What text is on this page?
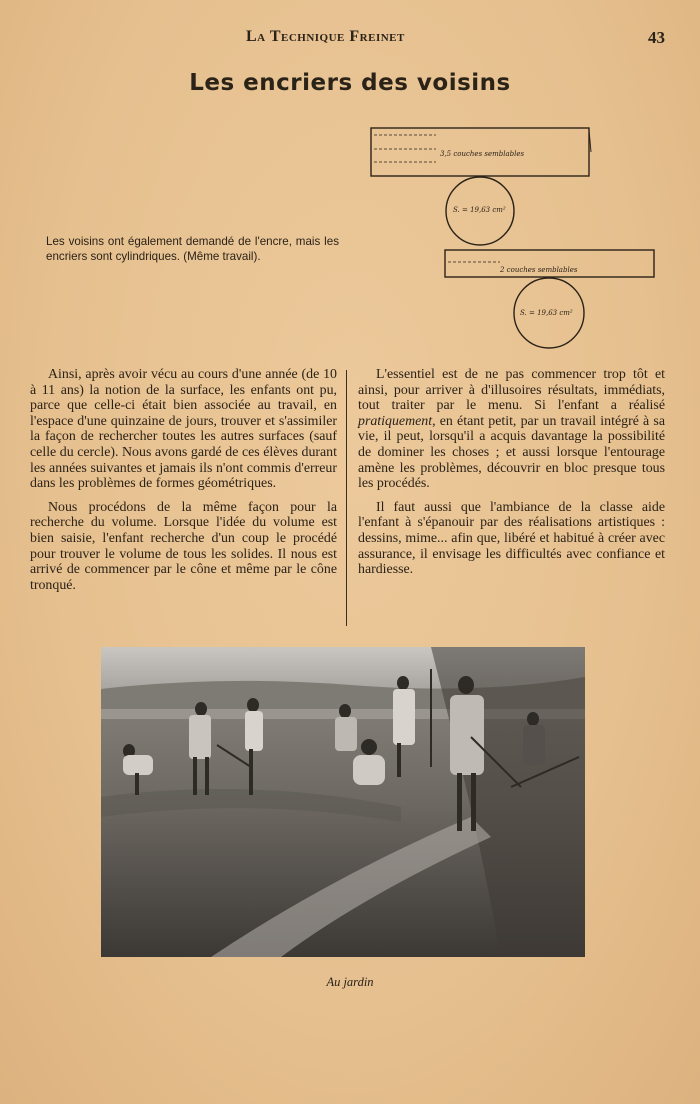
La Technique Freinet	43
Les encriers des voisins
3,5 couches semblables
S. = 19,63 cm²
2 couches semblables
S. = 19,63 cm²
Les voisins ont également demandé de l'encre, mais les encriers sont cylindriques. (Même travail).

Ainsi, après avoir vécu au cours d'une année (de 10 à 11 ans) la notion de la surface, les enfants ont pu, parce que celle-ci était bien associée au travail, en l'espace d'une quinzaine de jours, trouver et s'assimiler la façon de rechercher toutes les autres surfaces (sauf celle du cercle). Nous avons gardé de ces élèves durant les années suivantes et jamais ils n'ont commis d'erreur dans les problèmes de formes géométriques.

Nous procédons de la même façon pour la recherche du volume. Lorsque l'idée du volume est bien saisie, l'enfant recherche d'un coup le procédé pour trouver le volume de tous les solides. Il nous est arrivé de commencer par le cône et même par le cône tronqué.

L'essentiel est de ne pas commencer trop tôt et ainsi, pour arriver à d'illusoires résultats, immédiats, tout traiter par le menu. Si l'enfant a réalisé pratiquement, en étant petit, par un travail intégré à sa vie, il peut, lorsqu'il a acquis davantage la possibilité de dominer les choses ; et aussi lorsque l'entourage amène les problèmes, découvrir en bloc presque tous les procédés.

Il faut aussi que l'ambiance de la classe aide l'enfant à s'épanouir par des réalisations artistiques : dessins, mime... afin que, libéré et habitué à créer avec assurance, il envisage les difficultés avec confiance et hardiesse.

Au jardin
